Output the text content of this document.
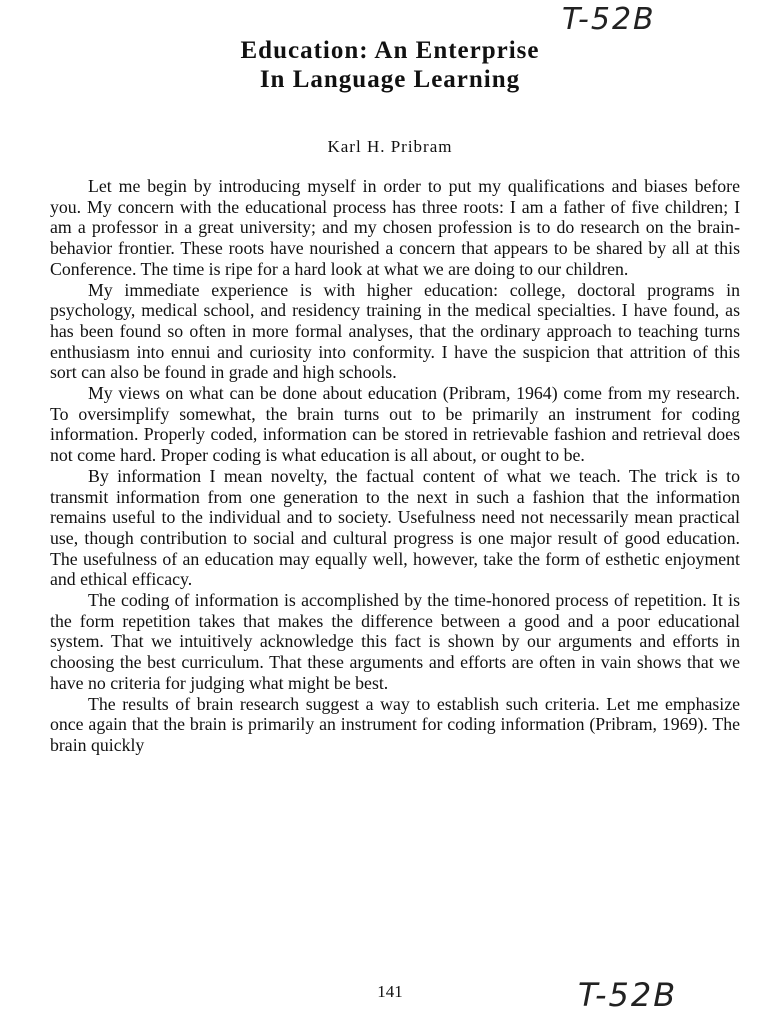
T-52B
Education: An Enterprise
In Language Learning
Karl H. Pribram

Let me begin by introducing myself in order to put my qualifications and biases before you. My concern with the educational process has three roots: I am a father of five children; I am a professor in a great university; and my chosen profession is to do research on the brain-behavior frontier. These roots have nourished a concern that appears to be shared by all at this Conference. The time is ripe for a hard look at what we are doing to our children.

My immediate experience is with higher education: college, doctoral programs in psychology, medical school, and residency training in the medical specialties. I have found, as has been found so often in more formal analyses, that the ordinary approach to teaching turns enthusiasm into ennui and curiosity into conformity. I have the suspicion that attrition of this sort can also be found in grade and high schools.

My views on what can be done about education (Pribram, 1964) come from my research. To oversimplify somewhat, the brain turns out to be primarily an instrument for coding information. Properly coded, information can be stored in retrievable fashion and retrieval does not come hard. Proper coding is what education is all about, or ought to be.

By information I mean novelty, the factual content of what we teach. The trick is to transmit information from one generation to the next in such a fashion that the information remains useful to the individual and to society. Usefulness need not necessarily mean practical use, though contribution to social and cultural progress is one major result of good education. The usefulness of an education may equally well, however, take the form of esthetic enjoyment and ethical efficacy.

The coding of information is accomplished by the time-honored process of repetition. It is the form repetition takes that makes the difference between a good and a poor educational system. That we intuitively acknowledge this fact is shown by our arguments and efforts in choosing the best curriculum. That these arguments and efforts are often in vain shows that we have no criteria for judging what might be best.

The results of brain research suggest a way to establish such criteria. Let me emphasize once again that the brain is primarily an instrument for coding information (Pribram, 1969). The brain quickly

141	T-52B
